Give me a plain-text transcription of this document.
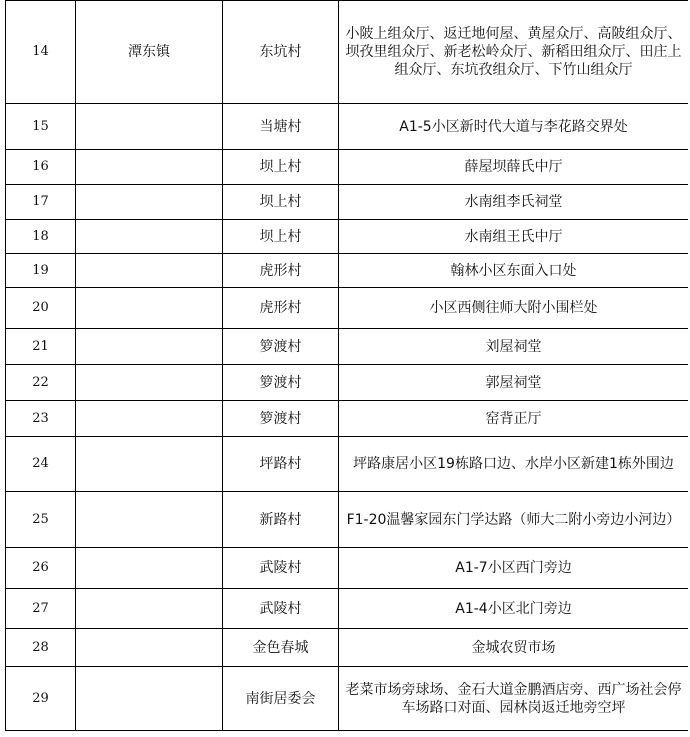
14	潭东镇	东坑村	小陂上组众厅、返迁地何屋、黄屋众厅、高陂组众厅、坝孜里组众厅、新老松岭众厅、新稻田组众厅、田庄上组众厅、东坑孜组众厅、下竹山组众厅
15		当塘村	A1-5小区新时代大道与李花路交界处
16		坝上村	薛屋坝薛氏中厅
17		坝上村	水南组李氏祠堂
18		坝上村	水南组王氏中厅
19		虎形村	翰林小区东面入口处
20		虎形村	小区西侧往师大附小围栏处
21		箩渡村	刘屋祠堂
22		箩渡村	郭屋祠堂
23		箩渡村	窑背正厅
24		坪路村	坪路康居小区19栋路口边、水岸小区新建1栋外围边
25		新路村	F1-20温馨家园东门学达路（师大二附小旁边小河边）
26		武陵村	A1-7小区西门旁边
27		武陵村	A1-4小区北门旁边
28		金色春城	金城农贸市场
29		南街居委会	老菜市场旁球场、金石大道金鹏酒店旁、西广场社会停车场路口对面、园林岗返迁地旁空坪
